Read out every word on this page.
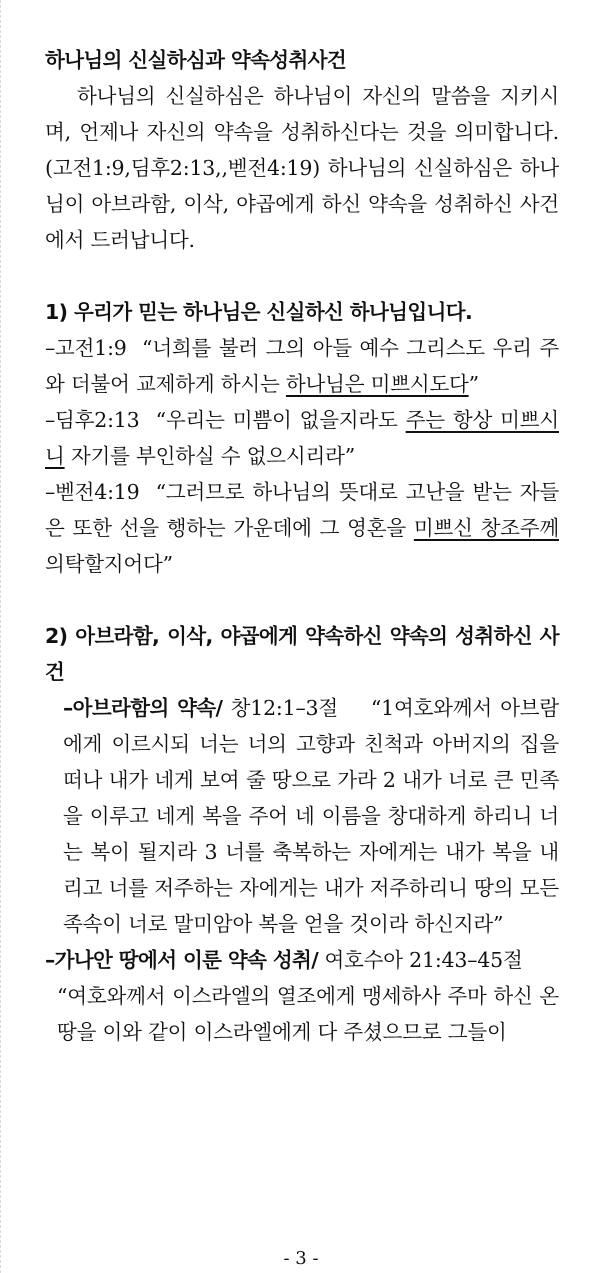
하나님의 신실하심과 약속성취사건

하나님의 신실하심은 하나님이 자신의 말씀을 지키시며, 언제나 자신의 약속을 성취하신다는 것을 의미합니다.(고전1:9,딤후2:13,,벧전4:19) 하나님의 신실하심은 하나님이 아브라함, 이삭, 야곱에게 하신 약속을 성취하신 사건에서 드러납니다.

1) 우리가 믿는 하나님은 신실하신 하나님입니다.

–고전1:9 “너희를 불러 그의 아들 예수 그리스도 우리 주와 더불어 교제하게 하시는 하나님은 미쁘시도다”

–딤후2:13 “우리는 미쁨이 없을지라도 주는 항상 미쁘시니 자기를 부인하실 수 없으시리라”

–벧전4:19 “그러므로 하나님의 뜻대로 고난을 받는 자들은 또한 선을 행하는 가운데에 그 영혼을 미쁘신 창조주께 의탁할지어다”

2) 아브라함, 이삭, 야곱에게 약속하신 약속의 성취하신 사건

–아브라함의 약속/ 창12:1–3절 “1여호와께서 아브람에게 이르시되 너는 너의 고향과 친척과 아버지의 집을 떠나 내가 네게 보여 줄 땅으로 가라 2 내가 너로 큰 민족을 이루고 네게 복을 주어 네 이름을 창대하게 하리니 너는 복이 될지라 3 너를 축복하는 자에게는 내가 복을 내리고 너를 저주하는 자에게는 내가 저주하리니 땅의 모든 족속이 너로 말미암아 복을 얻을 것이라 하신지라”

–가나안 땅에서 이룬 약속 성취/ 여호수아 21:43–45절

“여호와께서 이스라엘의 열조에게 맹세하사 주마 하신 온 땅을 이와 같이 이스라엘에게 다 주셨으므로 그들이

- 3 -
